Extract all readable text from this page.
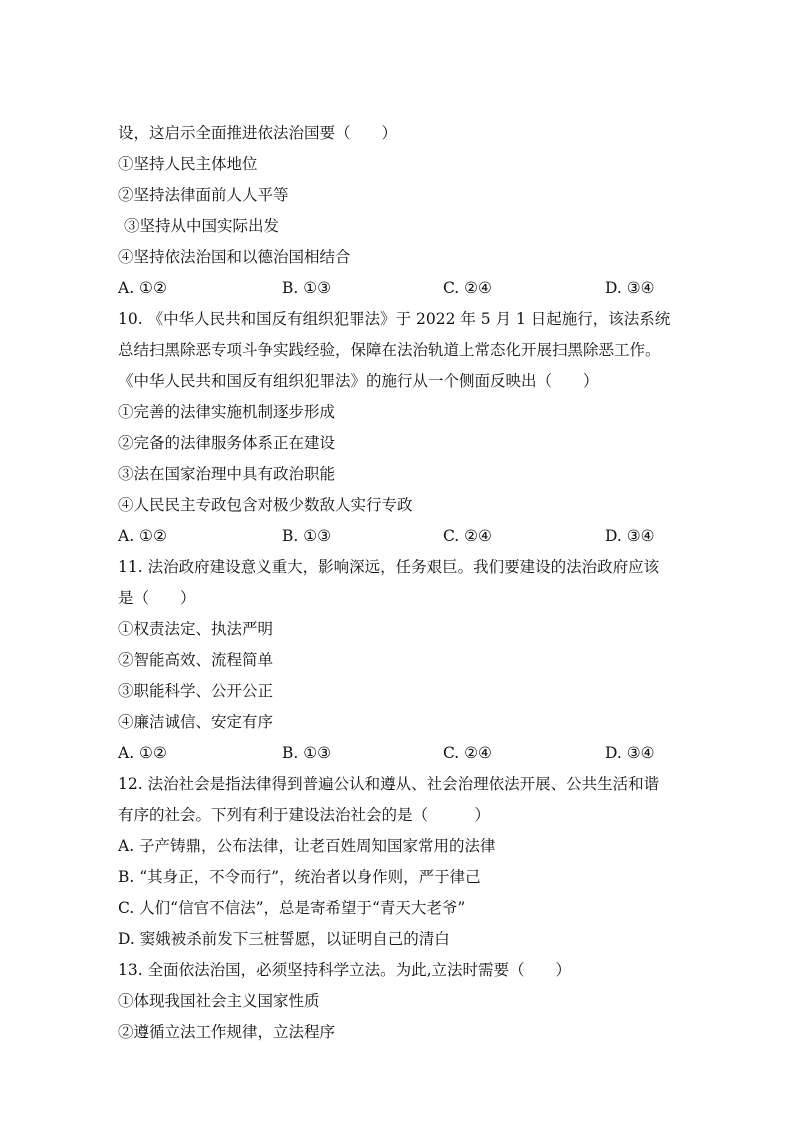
设，这启示全面推进依法治国要（　　）
①坚持人民主体地位
②坚持法律面前人人平等
③坚持从中国实际出发
④坚持依法治国和以德治国相结合
A. ①②	B. ①③	C. ②④	D. ③④
10. 《中华人民共和国反有组织犯罪法》于 2022 年 5 月 1 日起施行，该法系统
总结扫黑除恶专项斗争实践经验，保障在法治轨道上常态化开展扫黑除恶工作。
《中华人民共和国反有组织犯罪法》的施行从一个侧面反映出（　　）
①完善的法律实施机制逐步形成
②完备的法律服务体系正在建设
③法在国家治理中具有政治职能
④人民民主专政包含对极少数敌人实行专政
A. ①②	B. ①③	C. ②④	D. ③④
11. 法治政府建设意义重大，影响深远，任务艰巨。我们要建设的法治政府应该
是（　　）
①权责法定、执法严明
②智能高效、流程简单
③职能科学、公开公正
④廉洁诚信、安定有序
A. ①②	B. ①③	C. ②④	D. ③④
12. 法治社会是指法律得到普遍公认和遵从、社会治理依法开展、公共生活和谐
有序的社会。下列有利于建设法治社会的是（　　　）
A. 子产铸鼎，公布法律，让老百姓周知国家常用的法律
B. “其身正，不令而行”，统治者以身作则，严于律己
C. 人们“信官不信法”，总是寄希望于“青天大老爷”
D. 窦娥被杀前发下三桩誓愿，以证明自己的清白
13. 全面依法治国，必须坚持科学立法。为此,立法时需要（　　）
①体现我国社会主义国家性质
②遵循立法工作规律，立法程序
